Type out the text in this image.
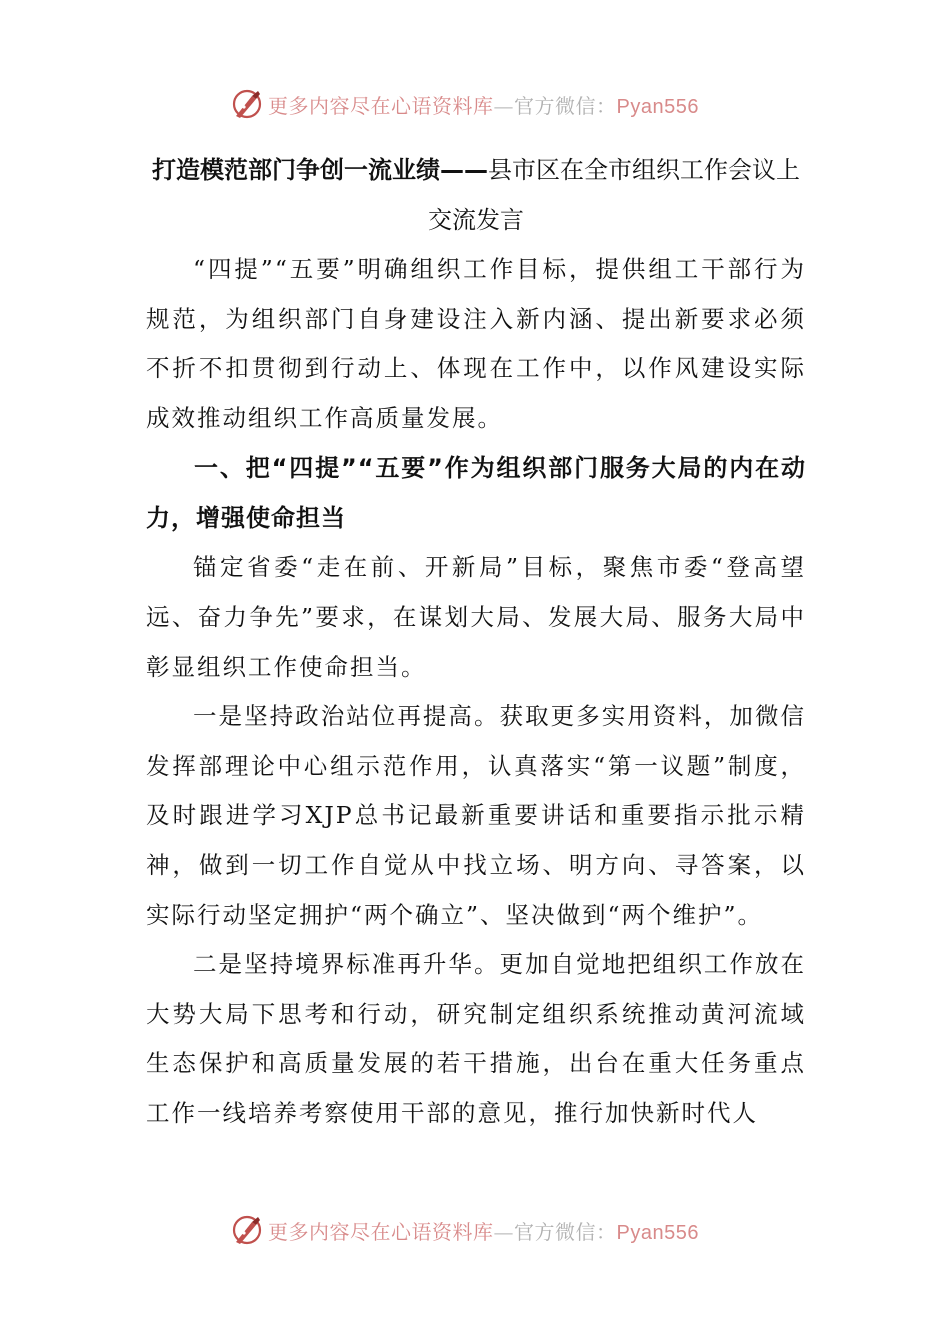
更多内容尽在心语资料库—官方微信：Pyan556

打造模范部门争创一流业绩——县市区在全市组织工作会议上交流发言

“四提”“五要”明确组织工作目标，提供组工干部行为规范，为组织部门自身建设注入新内涵、提出新要求必须不折不扣贯彻到行动上、体现在工作中，以作风建设实际成效推动组织工作高质量发展。

一、把“四提”“五要”作为组织部门服务大局的内在动力，增强使命担当

锚定省委“走在前、开新局”目标，聚焦市委“登高望远、奋力争先”要求，在谋划大局、发展大局、服务大局中彰显组织工作使命担当。

一是坚持政治站位再提高。获取更多实用资料，加微信发挥部理论中心组示范作用，认真落实“第一议题”制度，及时跟进学习XJP总书记最新重要讲话和重要指示批示精神，做到一切工作自觉从中找立场、明方向、寻答案，以实际行动坚定拥护“两个确立”、坚决做到“两个维护”。

二是坚持境界标准再升华。更加自觉地把组织工作放在大势大局下思考和行动，研究制定组织系统推动黄河流域生态保护和高质量发展的若干措施，出台在重大任务重点工作一线培养考察使用干部的意见，推行加快新时代人

更多内容尽在心语资料库—官方微信：Pyan556
